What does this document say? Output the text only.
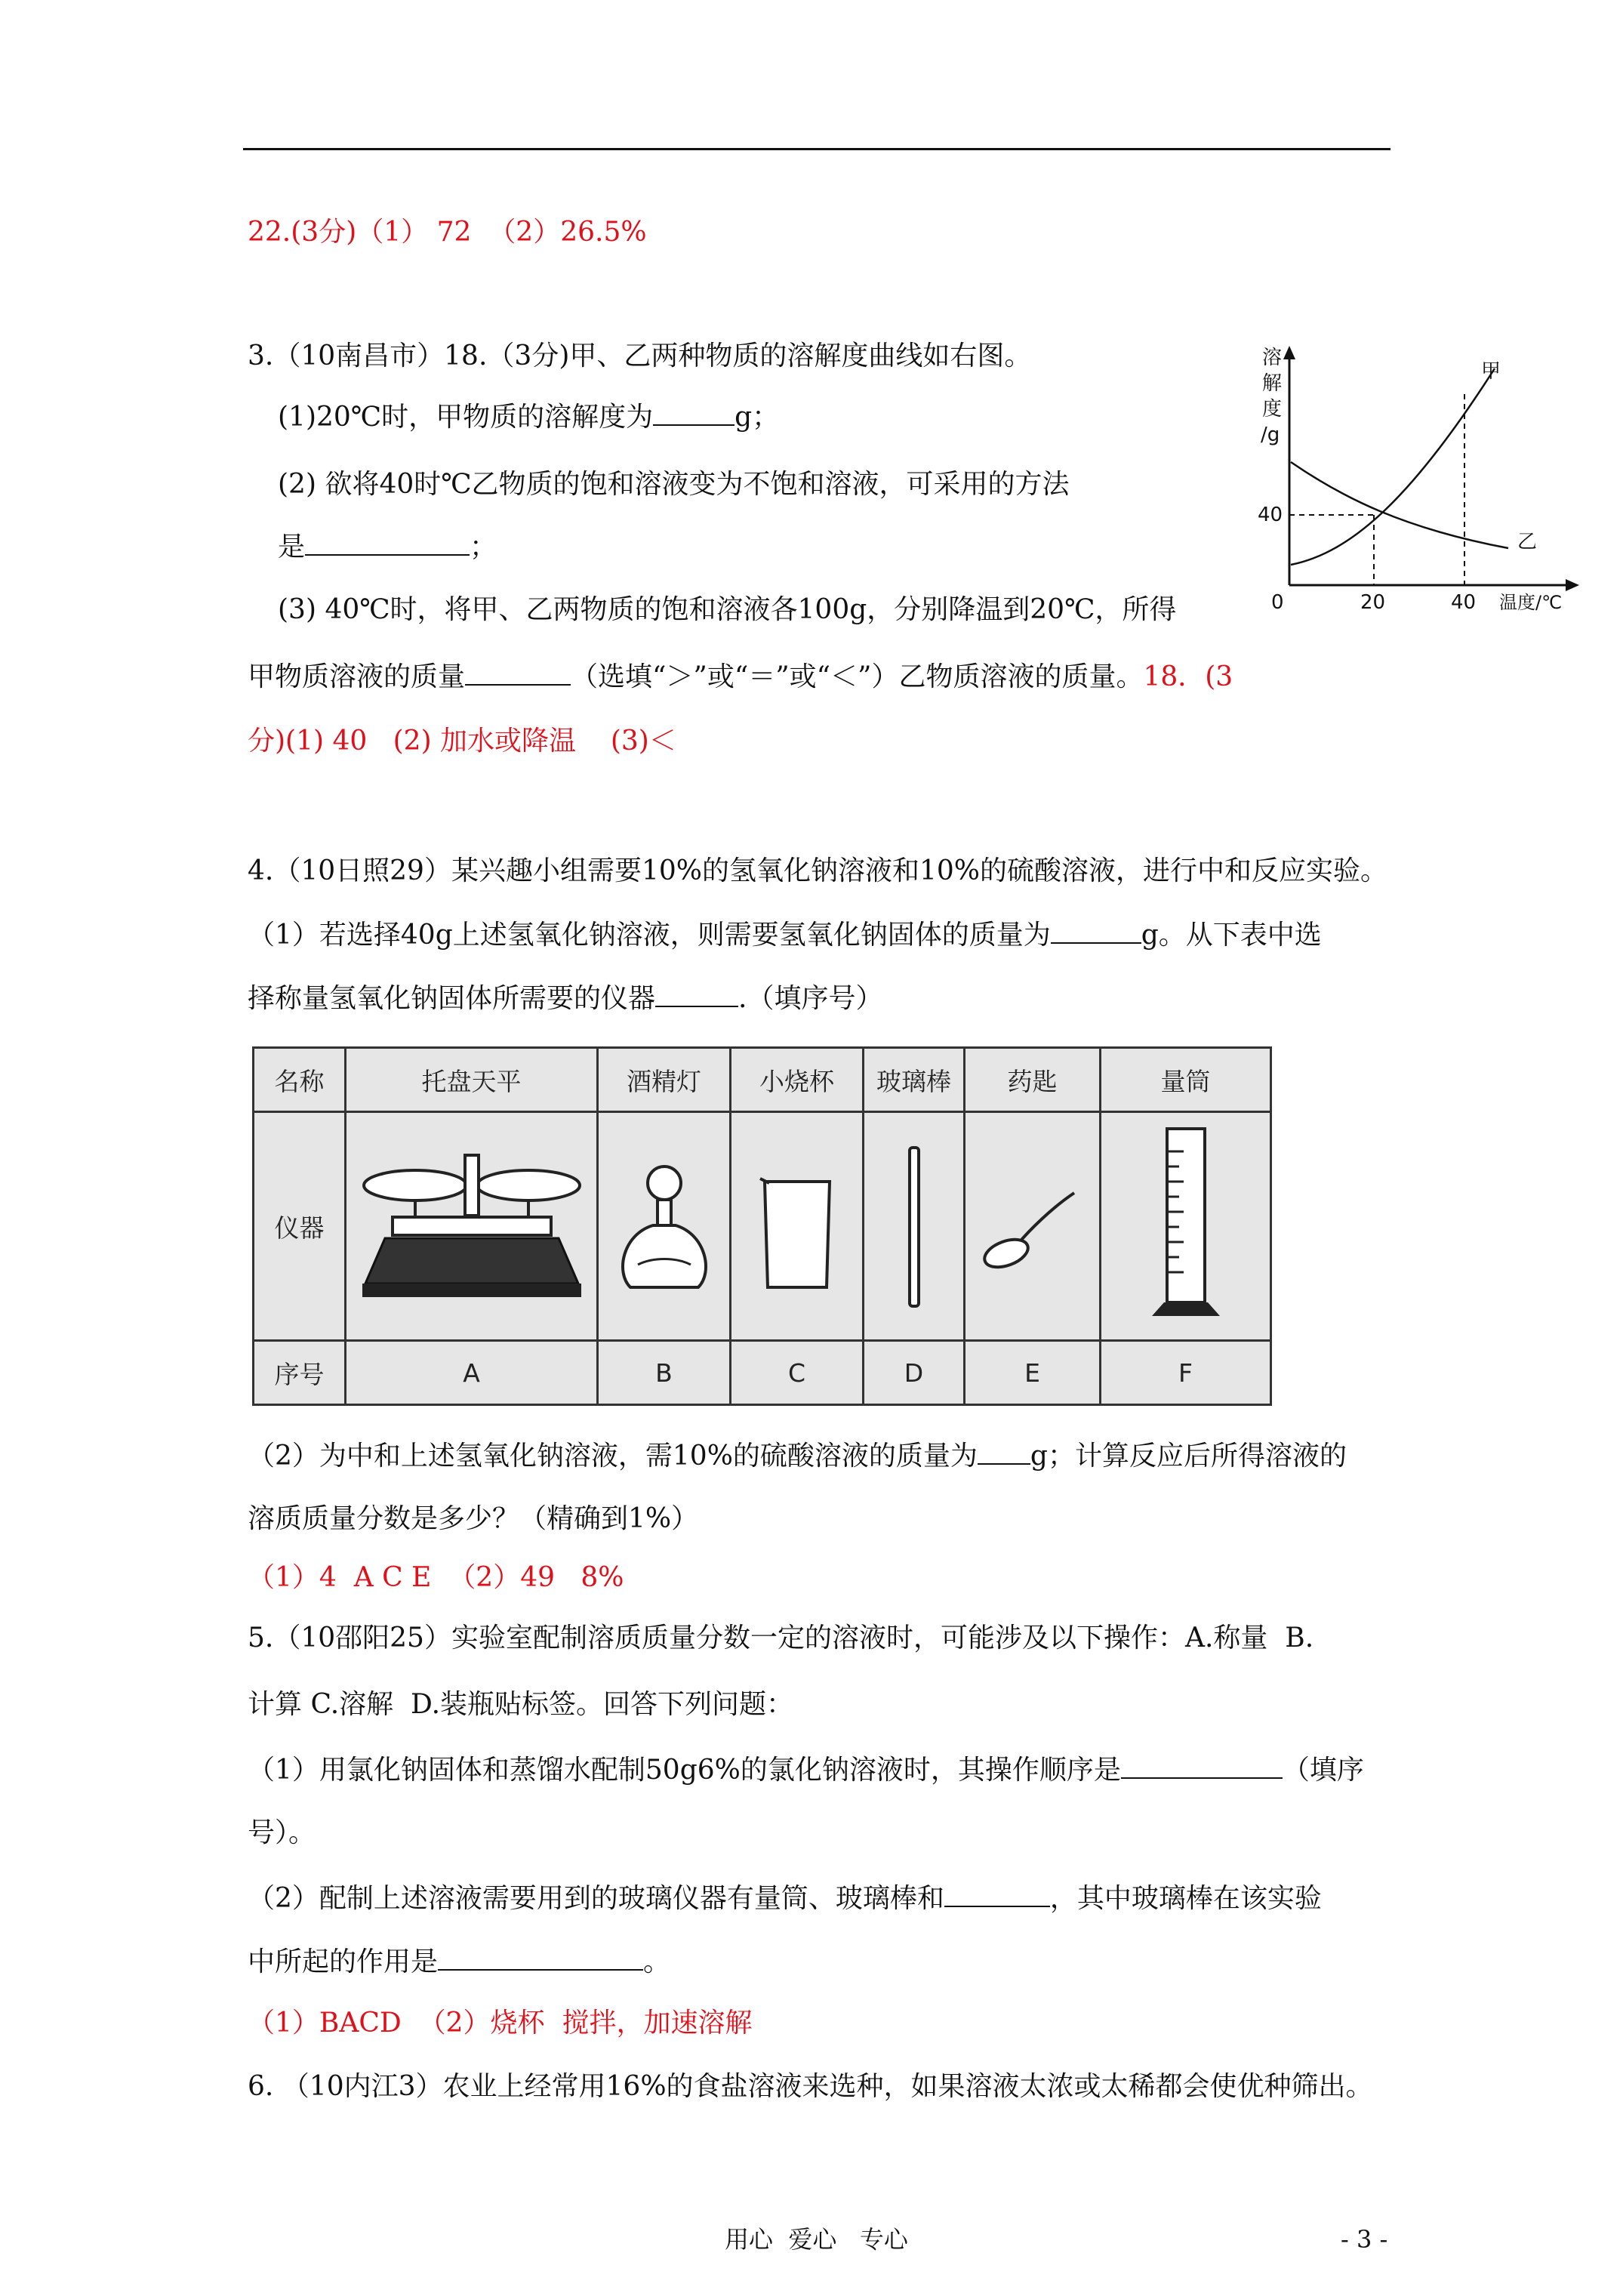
22.(3分)（1） 72  （2）26.5%
3.（10南昌市）18.（3分)甲、乙两种物质的溶解度曲线如右图。
(1)20℃时，甲物质的溶解度为	g；
(2) 欲将40时℃乙物质的饱和溶液变为不饱和溶液，可采用的方法
是	；
(3) 40℃时，将甲、乙两物质的饱和溶液各100g，分别降温到20℃，所得
甲物质溶液的质量	（选填“＞”或“＝”或“＜”）乙物质溶液的质量。18．(3
分)(1) 40   (2) 加水或降温    (3)＜
溶
解
度
/g
40
0	20	40 温度/℃
甲
乙
4.（10日照29）某兴趣小组需要10%的氢氧化钠溶液和10%的硫酸溶液，进行中和反应实验。
（1）若选择40g上述氢氧化钠溶液，则需要氢氧化钠固体的质量为	g。从下表中选
择称量氢氧化钠固体所需要的仪器	.（填序号）
名称	托盘天平	酒精灯	小烧杯	玻璃棒	药匙	量筒
仪器						
序号	A	B	C	D	E	F
（2）为中和上述氢氧化钠溶液，需10%的硫酸溶液的质量为 g；计算反应后所得溶液的
溶质质量分数是多少？（精确到1%）
（1）4  A C E  （2）49   8%
5.（10邵阳25）实验室配制溶质质量分数一定的溶液时，可能涉及以下操作：A.称量  B.
计算 C.溶解  D.装瓶贴标签。回答下列问题：
（1）用氯化钠固体和蒸馏水配制50g6%的氯化钠溶液时，其操作顺序是	（填序
号）。
（2）配制上述溶液需要用到的玻璃仪器有量筒、玻璃棒和	，其中玻璃棒在该实验
中所起的作用是	。
（1）BACD  （2）烧杯  搅拌，加速溶解
6. （10内江3）农业上经常用16%的食盐溶液来选种，如果溶液太浓或太稀都会使优种筛出。
用心  爱心   专心	- 3 -
